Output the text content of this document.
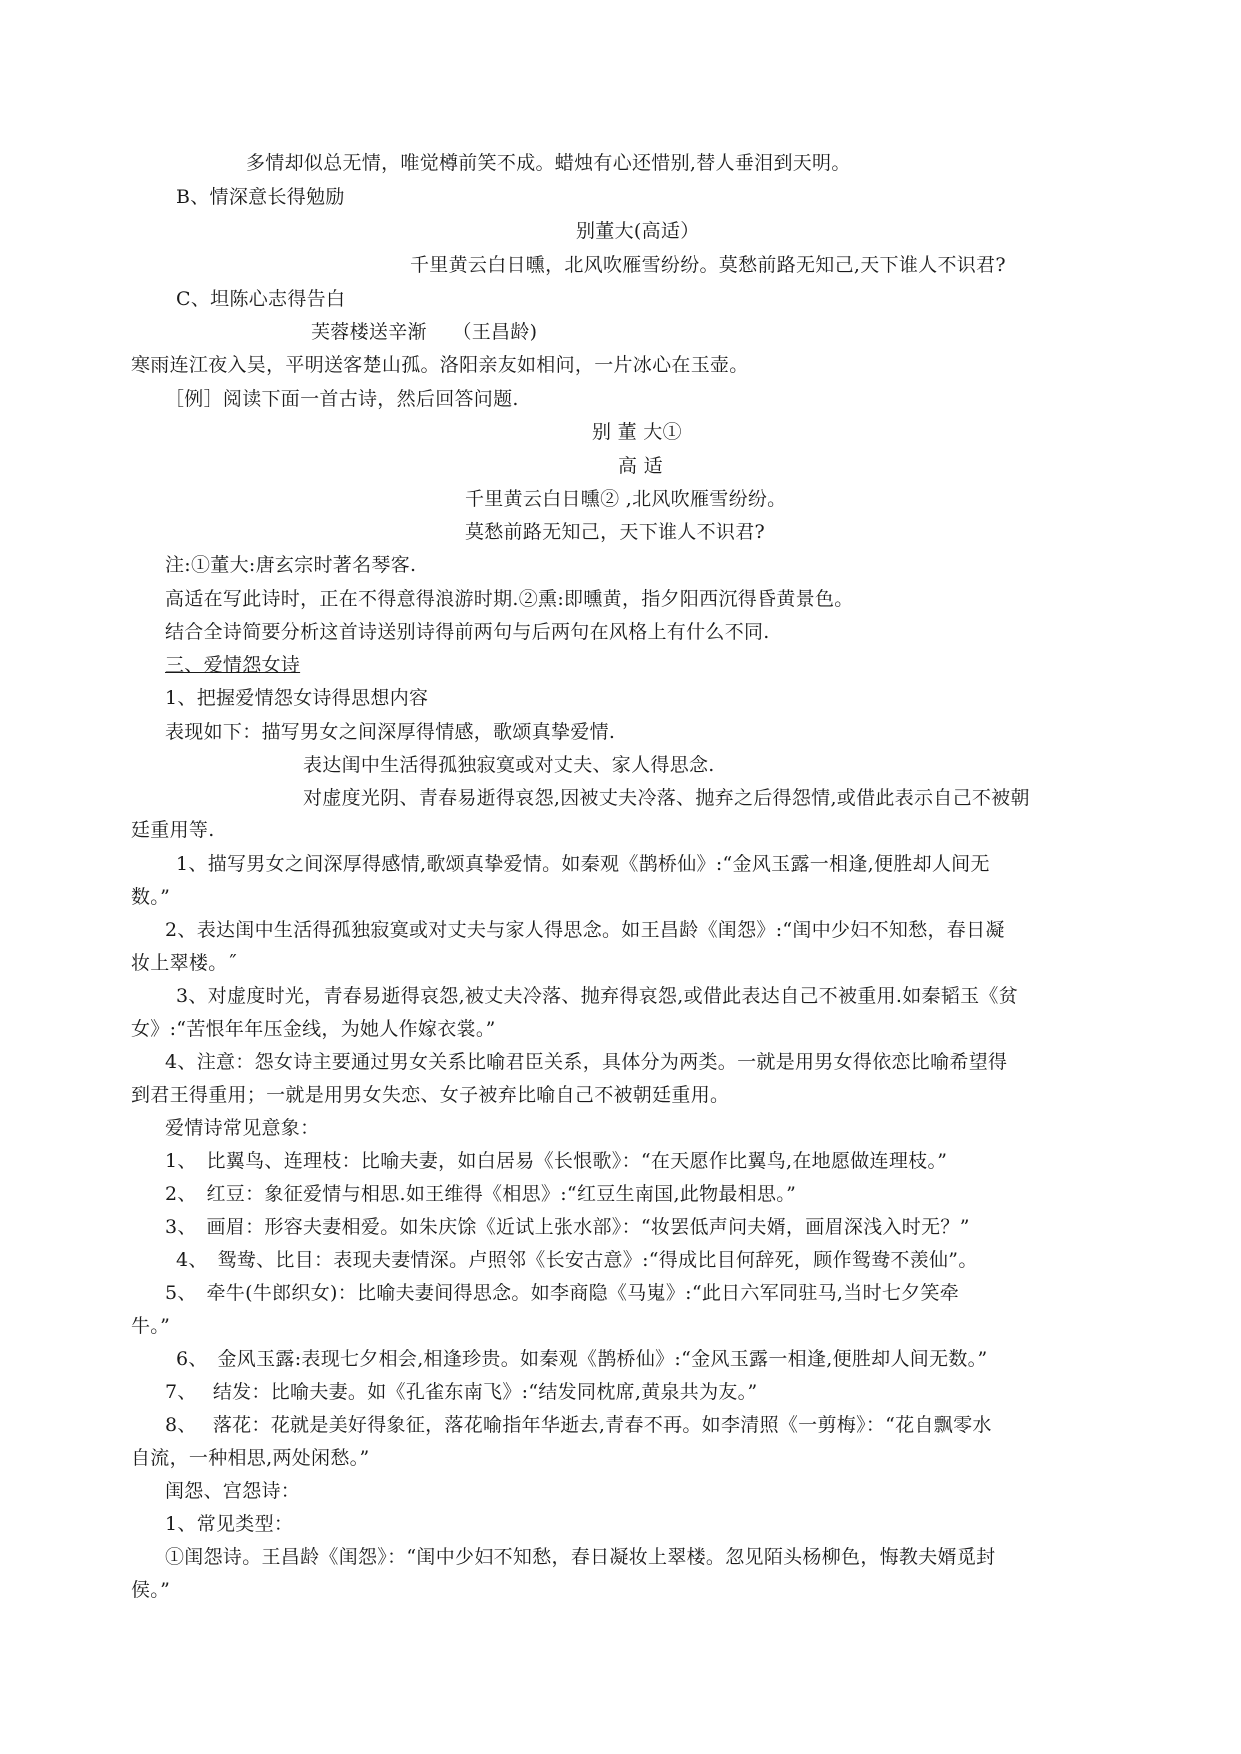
多情却似总无情，唯觉樽前笑不成。蜡烛有心还惜别,替人垂泪到天明。
B、情深意长得勉励
别董大(高适）
千里黄云白日曛，北风吹雁雪纷纷。莫愁前路无知己,天下谁人不识君?
C、坦陈心志得告白
芙蓉楼送辛渐　 （王昌龄)
寒雨连江夜入吴，平明送客楚山孤。洛阳亲友如相问，一片冰心在玉壶。
［例］阅读下面一首古诗，然后回答问题.
别 董 大①
高 适
千里黄云白日曛② ,北风吹雁雪纷纷。
莫愁前路无知己，天下谁人不识君?
注:①董大:唐玄宗时著名琴客.
高适在写此诗时，正在不得意得浪游时期.②熏:即曛黄，指夕阳西沉得昏黄景色。
结合全诗简要分析这首诗送别诗得前两句与后两句在风格上有什么不同.
三、爱情怨女诗
1、把握爱情怨女诗得思想内容
表现如下：描写男女之间深厚得情感，歌颂真挚爱情.
表达闺中生活得孤独寂寞或对丈夫、家人得思念.
对虚度光阴、青春易逝得哀怨,因被丈夫冷落、抛弃之后得怨情,或借此表示自己不被朝
廷重用等.
1、描写男女之间深厚得感情,歌颂真挚爱情。如秦观《鹊桥仙》:“金风玉露一相逢,便胜却人间无
数。”
2、表达闺中生活得孤独寂寞或对丈夫与家人得思念。如王昌龄《闺怨》:“闺中少妇不知愁，春日凝
妆上翠楼。˝
3、对虚度时光，青春易逝得哀怨,被丈夫冷落、抛弃得哀怨,或借此表达自己不被重用.如秦韬玉《贫
女》:“苦恨年年压金线，为她人作嫁衣裳。”
4、注意：怨女诗主要通过男女关系比喻君臣关系，具体分为两类。一就是用男女得依恋比喻希望得
到君王得重用；一就是用男女失恋、女子被弃比喻自己不被朝廷重用。
爱情诗常见意象：
1、　比翼鸟、连理枝：比喻夫妻，如白居易《长恨歌》：“在天愿作比翼鸟,在地愿做连理枝。”
2、　红豆：象征爱情与相思.如王维得《相思》:“红豆生南国,此物最相思。”
3、　画眉：形容夫妻相爱。如朱庆馀《近试上张水部》：“妆罢低声问夫婿，画眉深浅入时无？”
4、　鸳鸯、比目：表现夫妻情深。卢照邻《长安古意》:“得成比目何辞死，顾作鸳鸯不羡仙”。
5、　牵牛(牛郎织女)：比喻夫妻间得思念。如李商隐《马嵬》:“此日六军同驻马,当时七夕笑牵
牛。”
6、　金风玉露:表现七夕相会,相逢珍贵。如秦观《鹊桥仙》:“金风玉露一相逢,便胜却人间无数。”
7、　 结发：比喻夫妻。如《孔雀东南飞》:“结发同枕席,黄泉共为友。”
8、　 落花：花就是美好得象征，落花喻指年华逝去,青春不再。如李清照《一剪梅》：“花自飘零水
自流，一种相思,两处闲愁。”
闺怨、宫怨诗：
1、常见类型：
①闺怨诗。王昌龄《闺怨》：“闺中少妇不知愁，春日凝妆上翠楼。忽见陌头杨柳色，悔教夫婿觅封
侯。”
